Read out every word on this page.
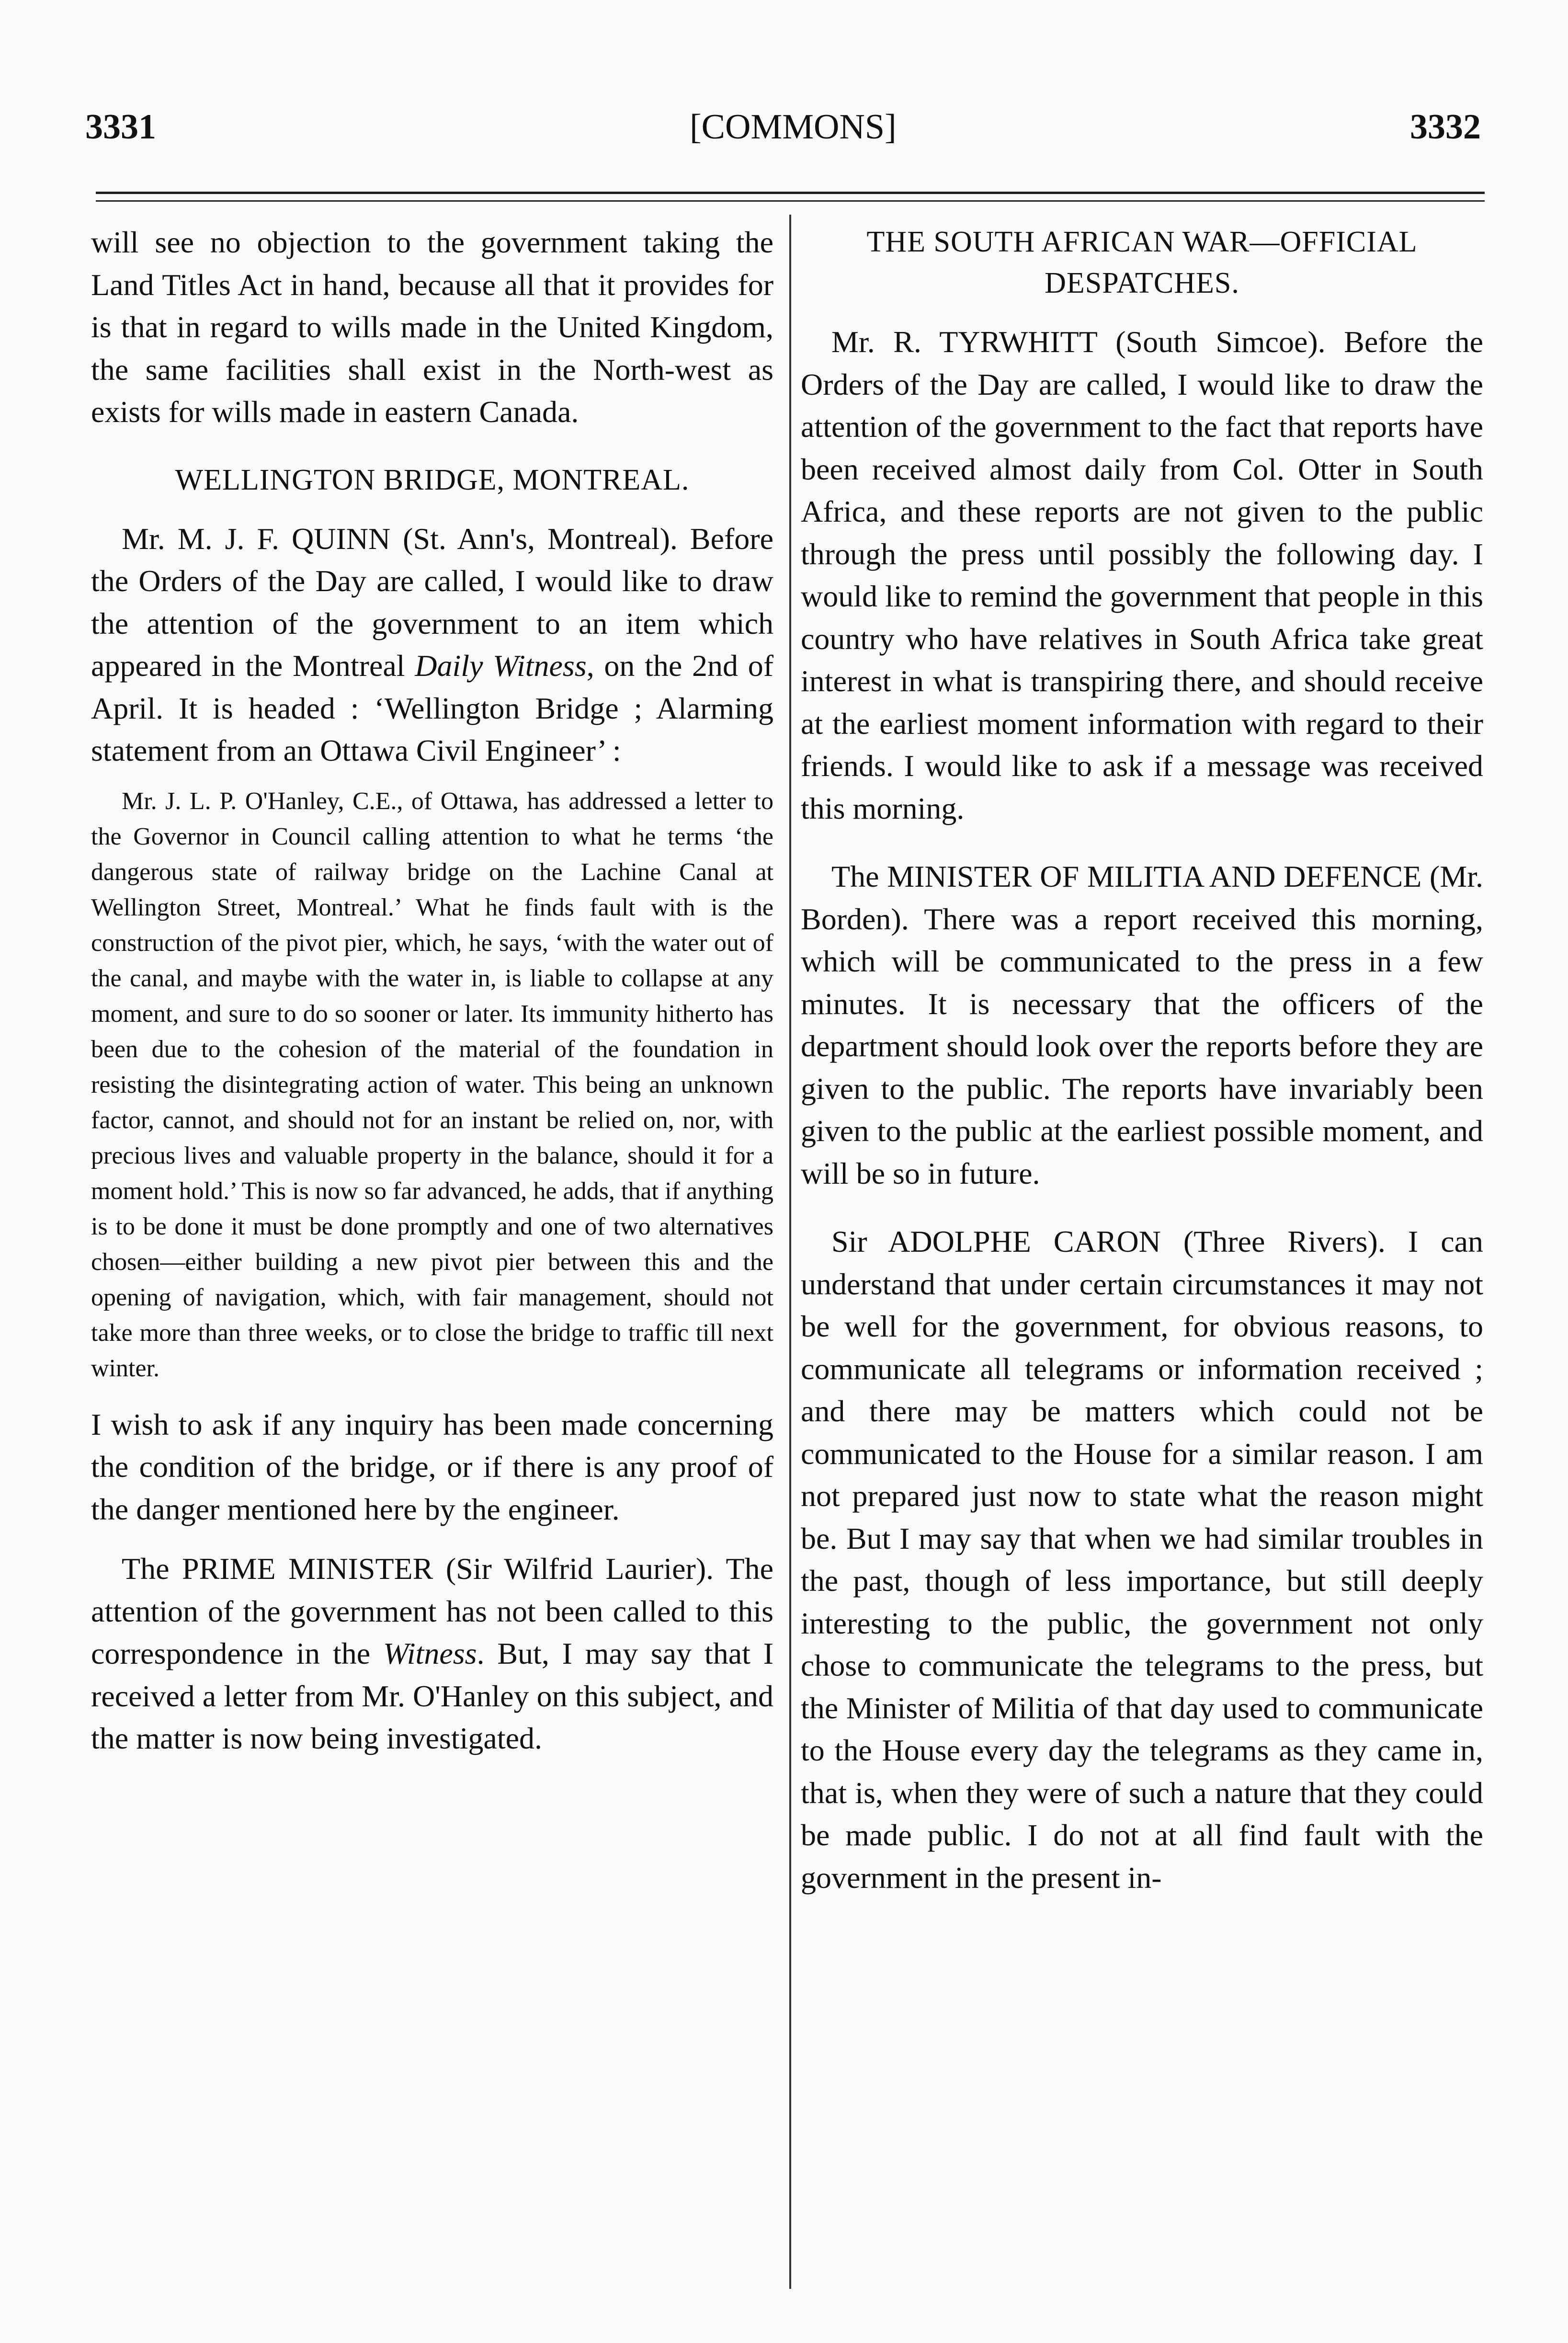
3331	[COMMONS]	3332

will see no objection to the government taking the Land Titles Act in hand, because all that it provides for is that in regard to wills made in the United Kingdom, the same facilities shall exist in the North-west as exists for wills made in eastern Canada.

WELLINGTON BRIDGE, MONTREAL.

Mr. M. J. F. QUINN (St. Ann's, Montreal). Before the Orders of the Day are called, I would like to draw the attention of the government to an item which appeared in the Montreal Daily Witness, on the 2nd of April. It is headed : ‘Wellington Bridge ; Alarming statement from an Ottawa Civil Engineer’ :

Mr. J. L. P. O'Hanley, C.E., of Ottawa, has addressed a letter to the Governor in Council calling attention to what he terms ‘the dangerous state of railway bridge on the Lachine Canal at Wellington Street, Montreal.’ What he finds fault with is the construction of the pivot pier, which, he says, ‘with the water out of the canal, and maybe with the water in, is liable to collapse at any moment, and sure to do so sooner or later. Its immunity hitherto has been due to the cohesion of the material of the foundation in resisting the disintegrating action of water. This being an unknown factor, cannot, and should not for an instant be relied on, nor, with precious lives and valuable property in the balance, should it for a moment hold.’ This is now so far advanced, he adds, that if anything is to be done it must be done promptly and one of two alternatives chosen—either building a new pivot pier between this and the opening of navigation, which, with fair management, should not take more than three weeks, or to close the bridge to traffic till next winter.

I wish to ask if any inquiry has been made concerning the condition of the bridge, or if there is any proof of the danger mentioned here by the engineer.

The PRIME MINISTER (Sir Wilfrid Laurier). The attention of the government has not been called to this correspondence in the Witness. But, I may say that I received a letter from Mr. O'Hanley on this subject, and the matter is now being investigated.

THE SOUTH AFRICAN WAR—OFFICIAL DESPATCHES.

Mr. R. TYRWHITT (South Simcoe). Before the Orders of the Day are called, I would like to draw the attention of the government to the fact that reports have been received almost daily from Col. Otter in South Africa, and these reports are not given to the public through the press until possibly the following day. I would like to remind the government that people in this country who have relatives in South Africa take great interest in what is transpiring there, and should receive at the earliest moment information with regard to their friends. I would like to ask if a message was received this morning.

The MINISTER OF MILITIA AND DEFENCE (Mr. Borden). There was a report received this morning, which will be communicated to the press in a few minutes. It is necessary that the officers of the department should look over the reports before they are given to the public. The reports have invariably been given to the public at the earliest possible moment, and will be so in future.

Sir ADOLPHE CARON (Three Rivers). I can understand that under certain circumstances it may not be well for the government, for obvious reasons, to communicate all telegrams or information received ; and there may be matters which could not be communicated to the House for a similar reason. I am not prepared just now to state what the reason might be. But I may say that when we had similar troubles in the past, though of less importance, but still deeply interesting to the public, the government not only chose to communicate the telegrams to the press, but the Minister of Militia of that day used to communicate to the House every day the telegrams as they came in, that is, when they were of such a nature that they could be made public. I do not at all find fault with the government in the present in-
